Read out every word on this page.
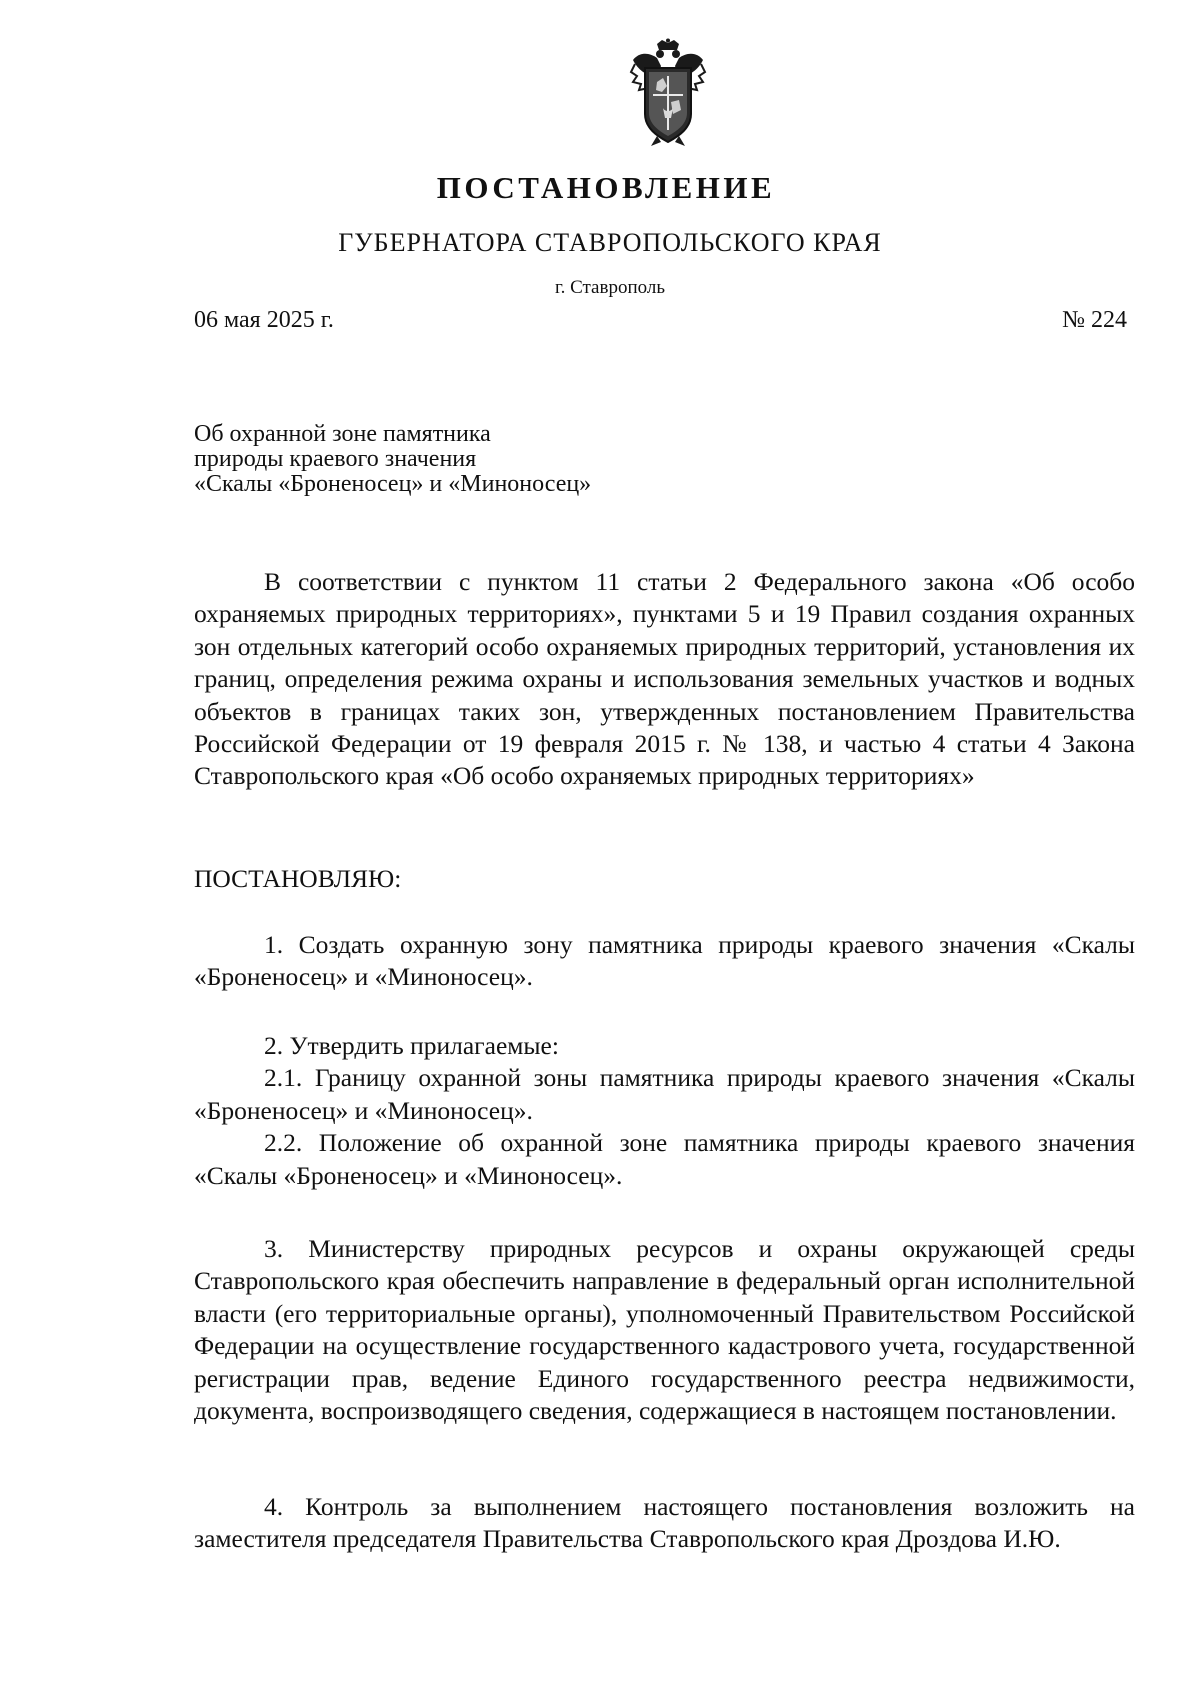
ПОСТАНОВЛЕНИЕ
ГУБЕРНАТОРА СТАВРОПОЛЬСКОГО КРАЯ
г. Ставрополь
06 мая 2025 г.	№ 224
Об охранной зоне памятника
природы краевого значения
«Скалы «Броненосец» и «Миноносец»

В соответствии с пунктом 11 статьи 2 Федерального закона «Об особо охраняемых природных территориях», пунктами 5 и 19 Правил создания охранных зон отдельных категорий особо охраняемых природных территорий, установления их границ, определения режима охраны и использования земельных участков и водных объектов в границах таких зон, утвержденных постановлением Правительства Российской Федерации от 19 февраля 2015 г. № 138, и частью 4 статьи 4 Закона Ставропольского края «Об особо охраняемых природных территориях»

ПОСТАНОВЛЯЮ:

1. Создать охранную зону памятника природы краевого значения «Скалы «Броненосец» и «Миноносец».

2. Утвердить прилагаемые:

2.1. Границу охранной зоны памятника природы краевого значения «Скалы «Броненосец» и «Миноносец».

2.2. Положение об охранной зоне памятника природы краевого значения «Скалы «Броненосец» и «Миноносец».

3. Министерству природных ресурсов и охраны окружающей среды Ставропольского края обеспечить направление в федеральный орган исполнительной власти (его территориальные органы), уполномоченный Правительством Российской Федерации на осуществление государственного кадастрового учета, государственной регистрации прав, ведение Единого государственного реестра недвижимости, документа, воспроизводящего сведения, содержащиеся в настоящем постановлении.

4. Контроль за выполнением настоящего постановления возложить на заместителя председателя Правительства Ставропольского края Дроздова И.Ю.
